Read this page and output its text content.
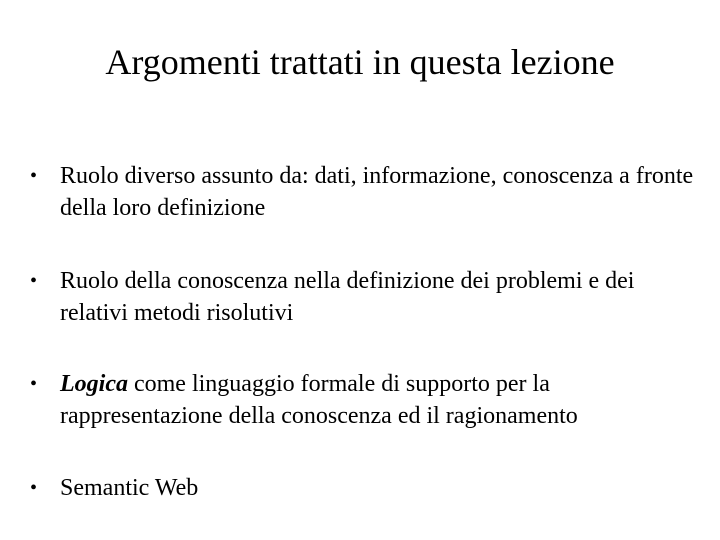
Argomenti trattati in questa lezione
• Ruolo diverso assunto da: dati, informazione, conoscenza a fronte della loro definizione
• Ruolo della conoscenza nella definizione dei problemi e dei relativi metodi risolutivi
• Logica come linguaggio formale di supporto per la rappresentazione della conoscenza ed il ragionamento
• Semantic Web
